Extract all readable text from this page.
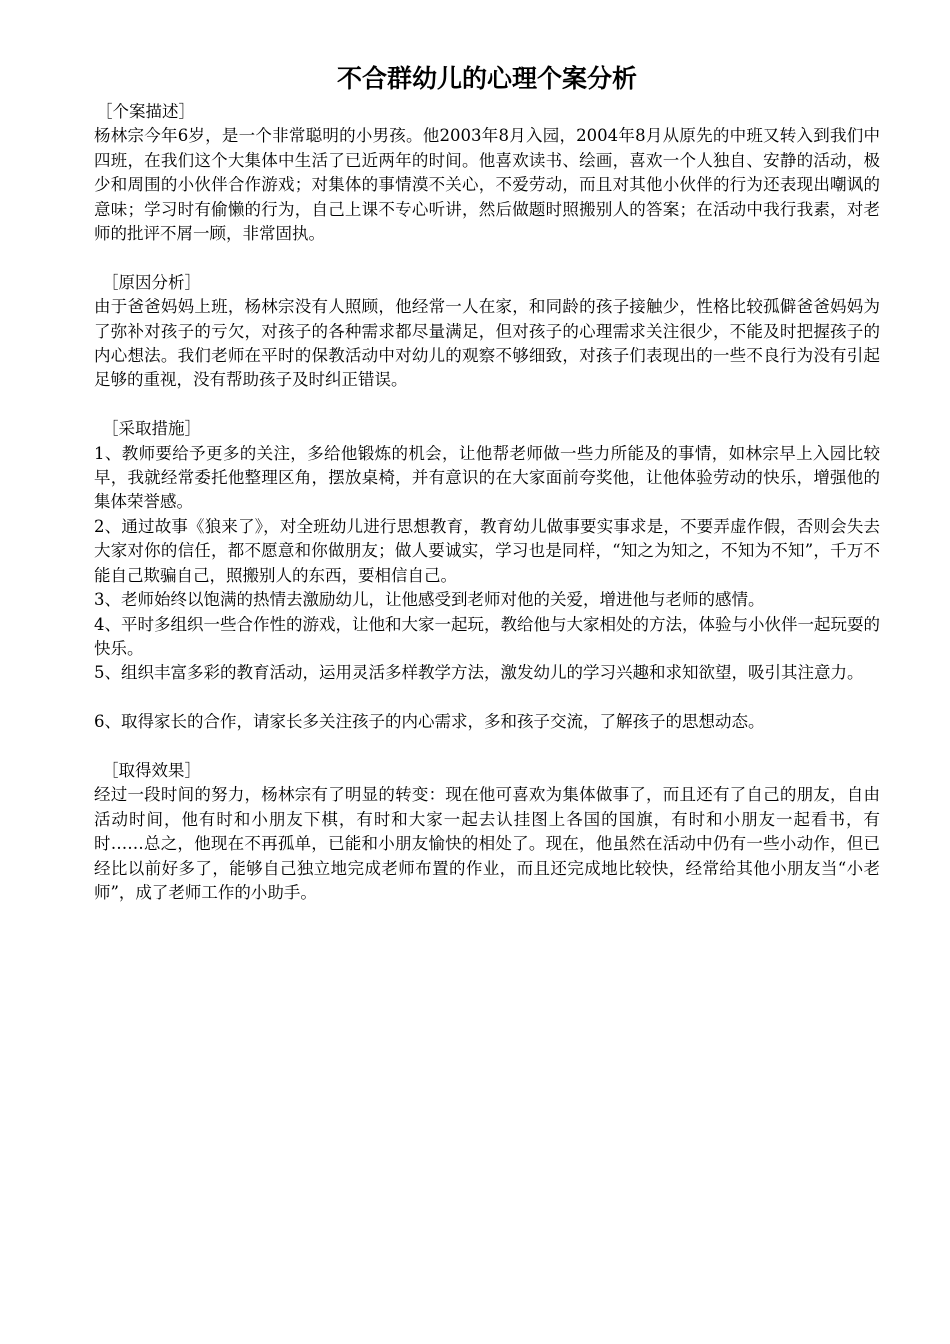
不合群幼儿的心理个案分析

［个案描述］

杨林宗今年6岁，是一个非常聪明的小男孩。他2003年8月入园，2004年8月从原先的中班又转入到我们中四班，在我们这个大集体中生活了已近两年的时间。他喜欢读书、绘画，喜欢一个人独自、安静的活动，极少和周围的小伙伴合作游戏；对集体的事情漠不关心，不爱劳动，而且对其他小伙伴的行为还表现出嘲讽的意味；学习时有偷懒的行为，自己上课不专心听讲，然后做题时照搬别人的答案；在活动中我行我素，对老师的批评不屑一顾，非常固执。

［原因分析］

由于爸爸妈妈上班，杨林宗没有人照顾，他经常一人在家，和同龄的孩子接触少，性格比较孤僻爸爸妈妈为了弥补对孩子的亏欠，对孩子的各种需求都尽量满足，但对孩子的心理需求关注很少，不能及时把握孩子的内心想法。我们老师在平时的保教活动中对幼儿的观察不够细致，对孩子们表现出的一些不良行为没有引起足够的重视，没有帮助孩子及时纠正错误。

［采取措施］

1、教师要给予更多的关注，多给他锻炼的机会，让他帮老师做一些力所能及的事情，如林宗早上入园比较早，我就经常委托他整理区角，摆放桌椅，并有意识的在大家面前夸奖他，让他体验劳动的快乐，增强他的集体荣誉感。

2、通过故事《狼来了》，对全班幼儿进行思想教育，教育幼儿做事要实事求是，不要弄虚作假，否则会失去大家对你的信任，都不愿意和你做朋友；做人要诚实，学习也是同样，“知之为知之，不知为不知”，千万不能自己欺骗自己，照搬别人的东西，要相信自己。

3、老师始终以饱满的热情去激励幼儿，让他感受到老师对他的关爱，增进他与老师的感情。

4、平时多组织一些合作性的游戏，让他和大家一起玩，教给他与大家相处的方法，体验与小伙伴一起玩耍的快乐。

5、组织丰富多彩的教育活动，运用灵活多样教学方法，激发幼儿的学习兴趣和求知欲望，吸引其注意力。

6、取得家长的合作，请家长多关注孩子的内心需求，多和孩子交流，了解孩子的思想动态。

［取得效果］

经过一段时间的努力，杨林宗有了明显的转变：现在他可喜欢为集体做事了，而且还有了自己的朋友，自由活动时间，他有时和小朋友下棋，有时和大家一起去认挂图上各国的国旗，有时和小朋友一起看书，有时……总之，他现在不再孤单，已能和小朋友愉快的相处了。现在，他虽然在活动中仍有一些小动作，但已经比以前好多了，能够自己独立地完成老师布置的作业，而且还完成地比较快，经常给其他小朋友当“小老师”，成了老师工作的小助手。
